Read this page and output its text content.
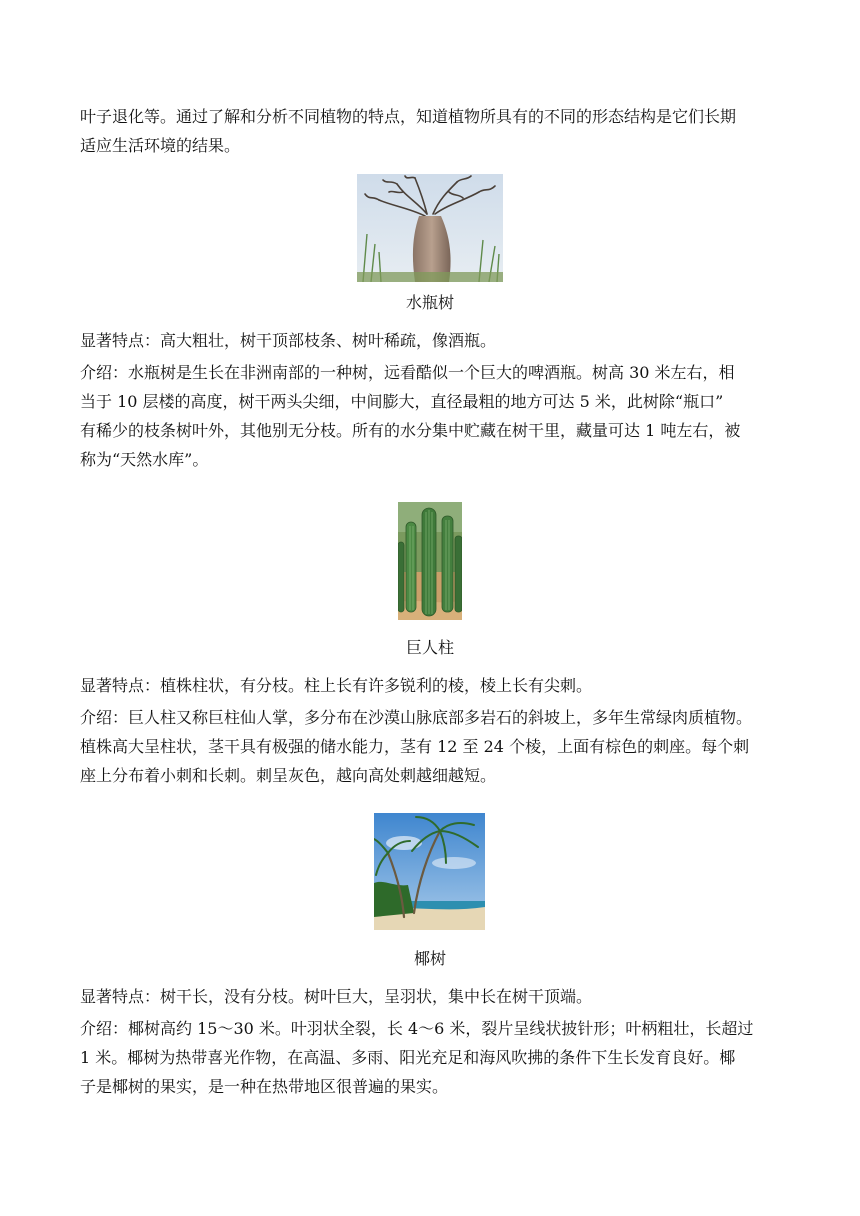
叶子退化等。通过了解和分析不同植物的特点，知道植物所具有的不同的形态结构是它们长期
适应生活环境的结果。

水瓶树

显著特点：高大粗壮，树干顶部枝条、树叶稀疏，像酒瓶。

介绍：水瓶树是生长在非洲南部的一种树，远看酷似一个巨大的啤酒瓶。树高 30 米左右，相
当于 10 层楼的高度，树干两头尖细，中间膨大，直径最粗的地方可达 5 米，此树除“瓶口”
有稀少的枝条树叶外，其他别无分枝。所有的水分集中贮藏在树干里，藏量可达 1 吨左右，被
称为“天然水库”。

巨人柱

显著特点：植株柱状，有分枝。柱上长有许多锐利的棱，棱上长有尖刺。

介绍：巨人柱又称巨柱仙人掌，多分布在沙漠山脉底部多岩石的斜坡上，多年生常绿肉质植物。
植株高大呈柱状，茎干具有极强的储水能力，茎有 12 至 24 个棱，上面有棕色的刺座。每个刺
座上分布着小刺和长刺。刺呈灰色，越向高处刺越细越短。

椰树

显著特点：树干长，没有分枝。树叶巨大，呈羽状，集中长在树干顶端。

介绍：椰树高约 15～30 米。叶羽状全裂，长 4～6 米，裂片呈线状披针形；叶柄粗壮，长超过
1 米。椰树为热带喜光作物，在高温、多雨、阳光充足和海风吹拂的条件下生长发育良好。椰
子是椰树的果实，是一种在热带地区很普遍的果实。
